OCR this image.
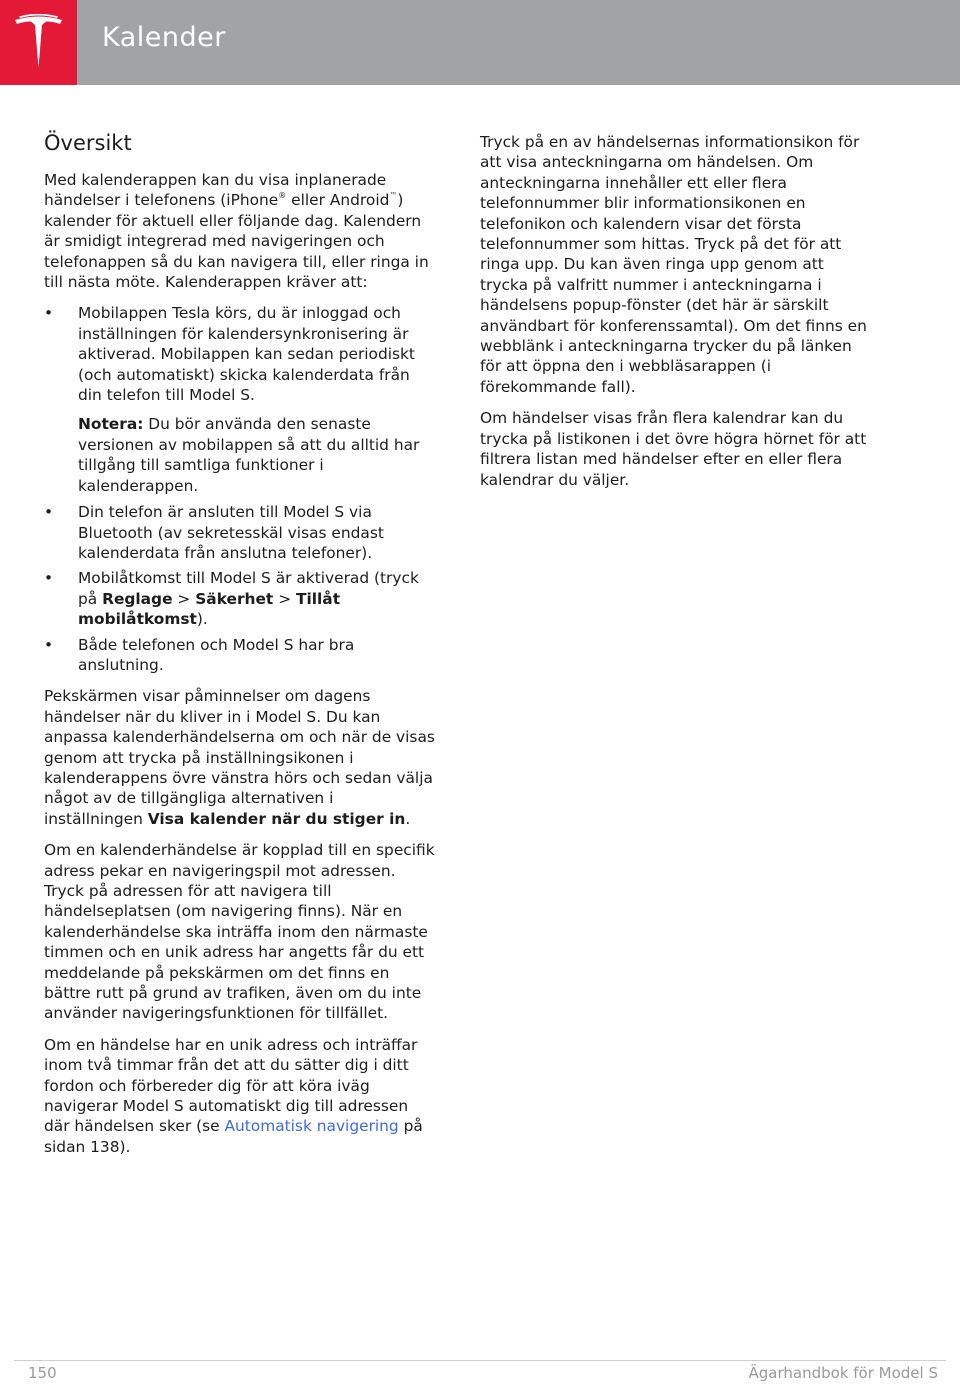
Kalender
Översikt

Med kalenderappen kan du visa inplanerade händelser i telefonens (iPhone® eller Android™) kalender för aktuell eller följande dag. Kalendern är smidigt integrerad med navigeringen och telefonappen så du kan navigera till, eller ringa in till nästa möte. Kalenderappen kräver att:

•	Mobilappen Tesla körs, du är inloggad och inställningen för kalendersynkronisering är aktiverad. Mobilappen kan sedan periodiskt (och automatiskt) skicka kalenderdata från din telefon till Model S.
Notera: Du bör använda den senaste versionen av mobilappen så att du alltid har tillgång till samtliga funktioner i kalenderappen.
•	Din telefon är ansluten till Model S via Bluetooth (av sekretesskäl visas endast kalenderdata från anslutna telefoner).
•	Mobilåtkomst till Model S är aktiverad (tryck på Reglage > Säkerhet > Tillåt mobilåtkomst).
•	Både telefonen och Model S har bra anslutning.

Pekskärmen visar påminnelser om dagens händelser när du kliver in i Model S. Du kan anpassa kalenderhändelserna om och när de visas genom att trycka på inställningsikonen i kalenderappens övre vänstra hörs och sedan välja något av de tillgängliga alternativen i inställningen Visa kalender när du stiger in.

Om en kalenderhändelse är kopplad till en specifik adress pekar en navigeringspil mot adressen. Tryck på adressen för att navigera till händelseplatsen (om navigering finns). När en kalenderhändelse ska inträffa inom den närmaste timmen och en unik adress har angetts får du ett meddelande på pekskärmen om det finns en bättre rutt på grund av trafiken, även om du inte använder navigeringsfunktionen för tillfället.

Om en händelse har en unik adress och inträffar inom två timmar från det att du sätter dig i ditt fordon och förbereder dig för att köra iväg navigerar Model S automatiskt dig till adressen där händelsen sker (se Automatisk navigering på sidan 138).

Tryck på en av händelsernas informationsikon för att visa anteckningarna om händelsen. Om anteckningarna innehåller ett eller flera telefonnummer blir informationsikonen en telefonikon och kalendern visar det första telefonnummer som hittas. Tryck på det för att ringa upp. Du kan även ringa upp genom att trycka på valfritt nummer i anteckningarna i händelsens popup-fönster (det här är särskilt användbart för konferenssamtal). Om det finns en webblänk i anteckningarna trycker du på länken för att öppna den i webbläsarappen (i förekommande fall).

Om händelser visas från flera kalendrar kan du trycka på listikonen i det övre högra hörnet för att filtrera listan med händelser efter en eller flera kalendrar du väljer.

150	Ägarhandbok för Model S
